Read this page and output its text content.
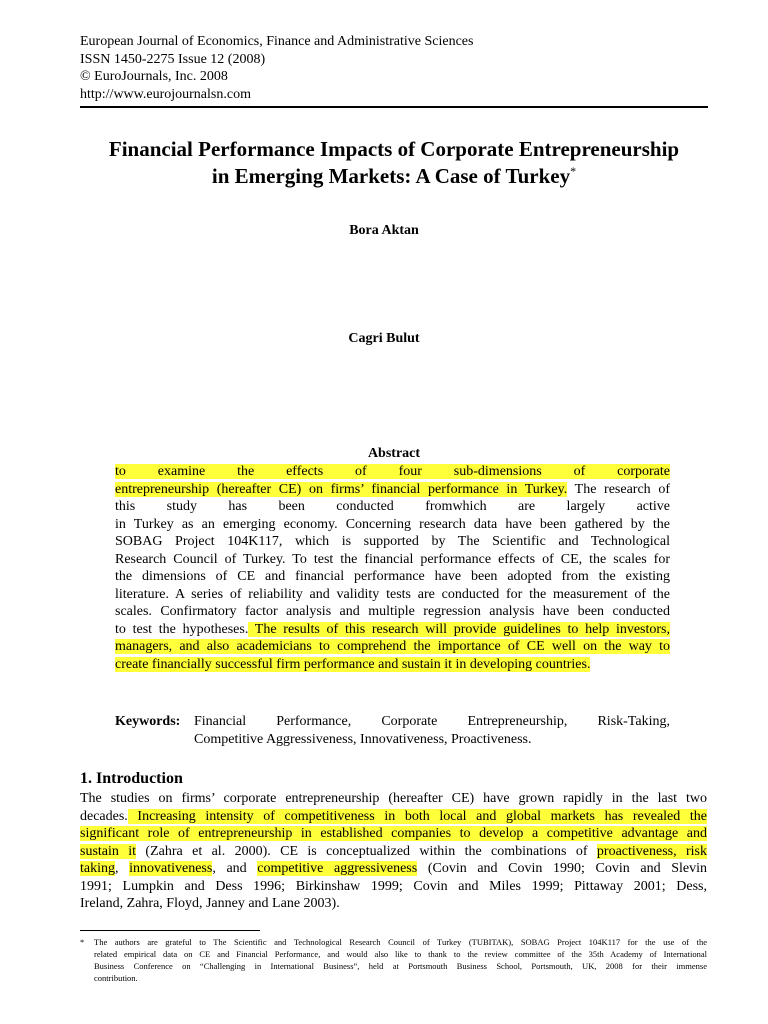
European Journal of Economics, Finance and Administrative Sciences
ISSN 1450-2275 Issue 12 (2008)
© EuroJournals, Inc. 2008
http://www.eurojournalsn.com
Financial Performance Impacts of Corporate Entrepreneurship
in Emerging Markets: A Case of Turkey*
Bora Aktan
Cagri Bulut
Abstract
to examine the effects of four sub-dimensions of corporate
entrepreneurship (hereafter CE) on firms’ financial performance in Turkey. The research of
this study has been conducted fromwhich are largely active
in Turkey as an emerging economy. Concerning research data have been gathered by the
SOBAG Project 104K117, which is supported by The Scientific and Technological
Research Council of Turkey. To test the financial performance effects of CE, the scales for
the dimensions of CE and financial performance have been adopted from the existing
literature. A series of reliability and validity tests are conducted for the measurement of the
scales. Confirmatory factor analysis and multiple regression analysis have been conducted
to test the hypotheses. The results of this research will provide guidelines to help investors,
managers, and also academicians to comprehend the importance of CE well on the way to
create financially successful firm performance and sustain it in developing countries.
Keywords: Financial Performance, Corporate Entrepreneurship, Risk-Taking,
Competitive Aggressiveness, Innovativeness, Proactiveness.
1. Introduction
The studies on firms’ corporate entrepreneurship (hereafter CE) have grown rapidly in the last two
decades. Increasing intensity of competitiveness in both local and global markets has revealed the
significant role of entrepreneurship in established companies to develop a competitive advantage and
sustain it (Zahra et al. 2000). CE is conceptualized within the combinations of proactiveness, risk
taking, innovativeness, and competitive aggressiveness (Covin and Covin 1990; Covin and Slevin
1991; Lumpkin and Dess 1996; Birkinshaw 1999; Covin and Miles 1999; Pittaway 2001; Dess,
Ireland, Zahra, Floyd, Janney and Lane 2003).
* The authors are grateful to The Scientific and Technological Research Council of Turkey (TUBITAK), SOBAG Project 104K117 for the use of the
related empirical data on CE and Financial Performance, and would also like to thank to the review committee of the 35th Academy of International
Business Conference on “Challenging in International Business”, held at Portsmouth Business School, Portsmouth, UK, 2008 for their immense
contribution.
